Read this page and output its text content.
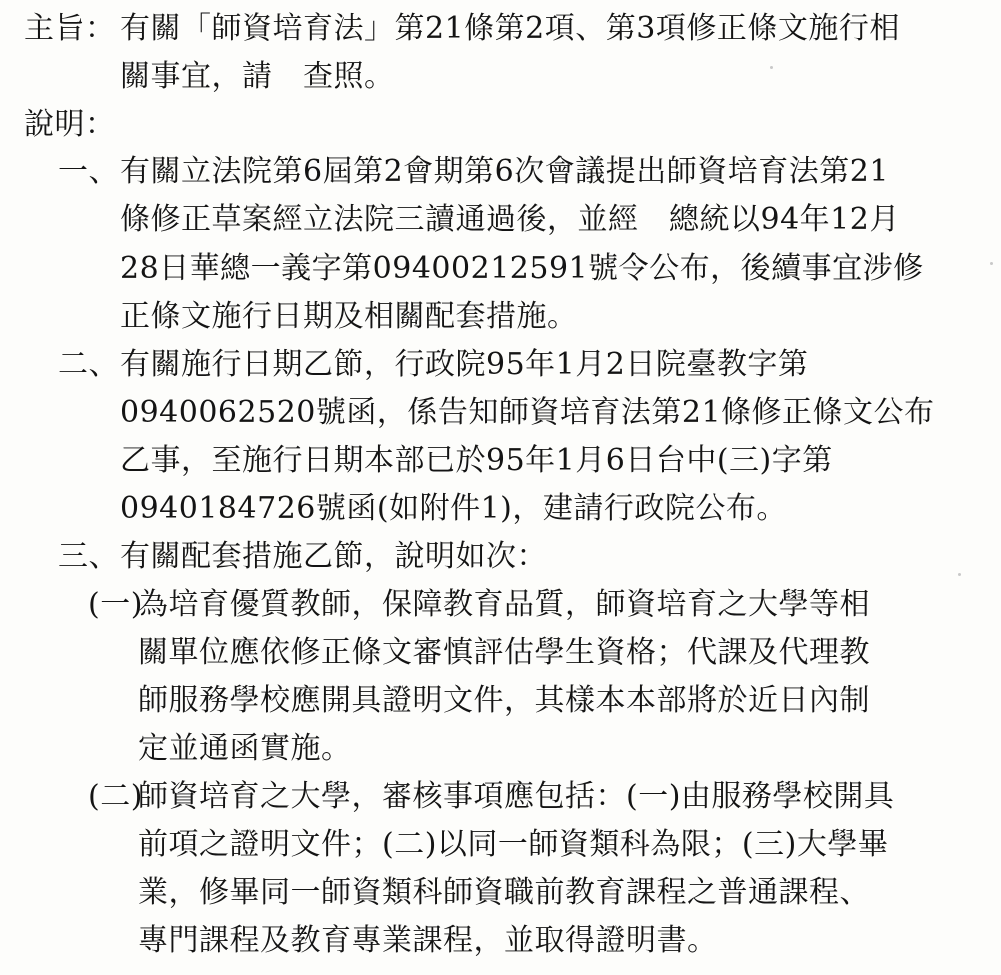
主旨： 有關「師資培育法」第21條第2項、第3項修正條文施行相
關事宜，請　查照。
說明：
一、 有關立法院第6屆第2會期第6次會議提出師資培育法第21
條修正草案經立法院三讀通過後，並經　總統以94年12月
28日華總一義字第09400212591號令公布，後續事宜涉修
正條文施行日期及相關配套措施。
二、 有關施行日期乙節，行政院95年1月2日院臺教字第
0940062520號函，係告知師資培育法第21條修正條文公布
乙事，至施行日期本部已於95年1月6日台中(三)字第
0940184726號函(如附件1)，建請行政院公布。
三、 有關配套措施乙節，說明如次：
(一)
為培育優質教師，保障教育品質，師資培育之大學等相
關單位應依修正條文審慎評估學生資格；代課及代理教
師服務學校應開具證明文件，其樣本本部將於近日內制
定並通函實施。
(二)
師資培育之大學，審核事項應包括：(一)由服務學校開具
前項之證明文件；(二)以同一師資類科為限；(三)大學畢
業，修畢同一師資類科師資職前教育課程之普通課程、
專門課程及教育專業課程，並取得證明書。
